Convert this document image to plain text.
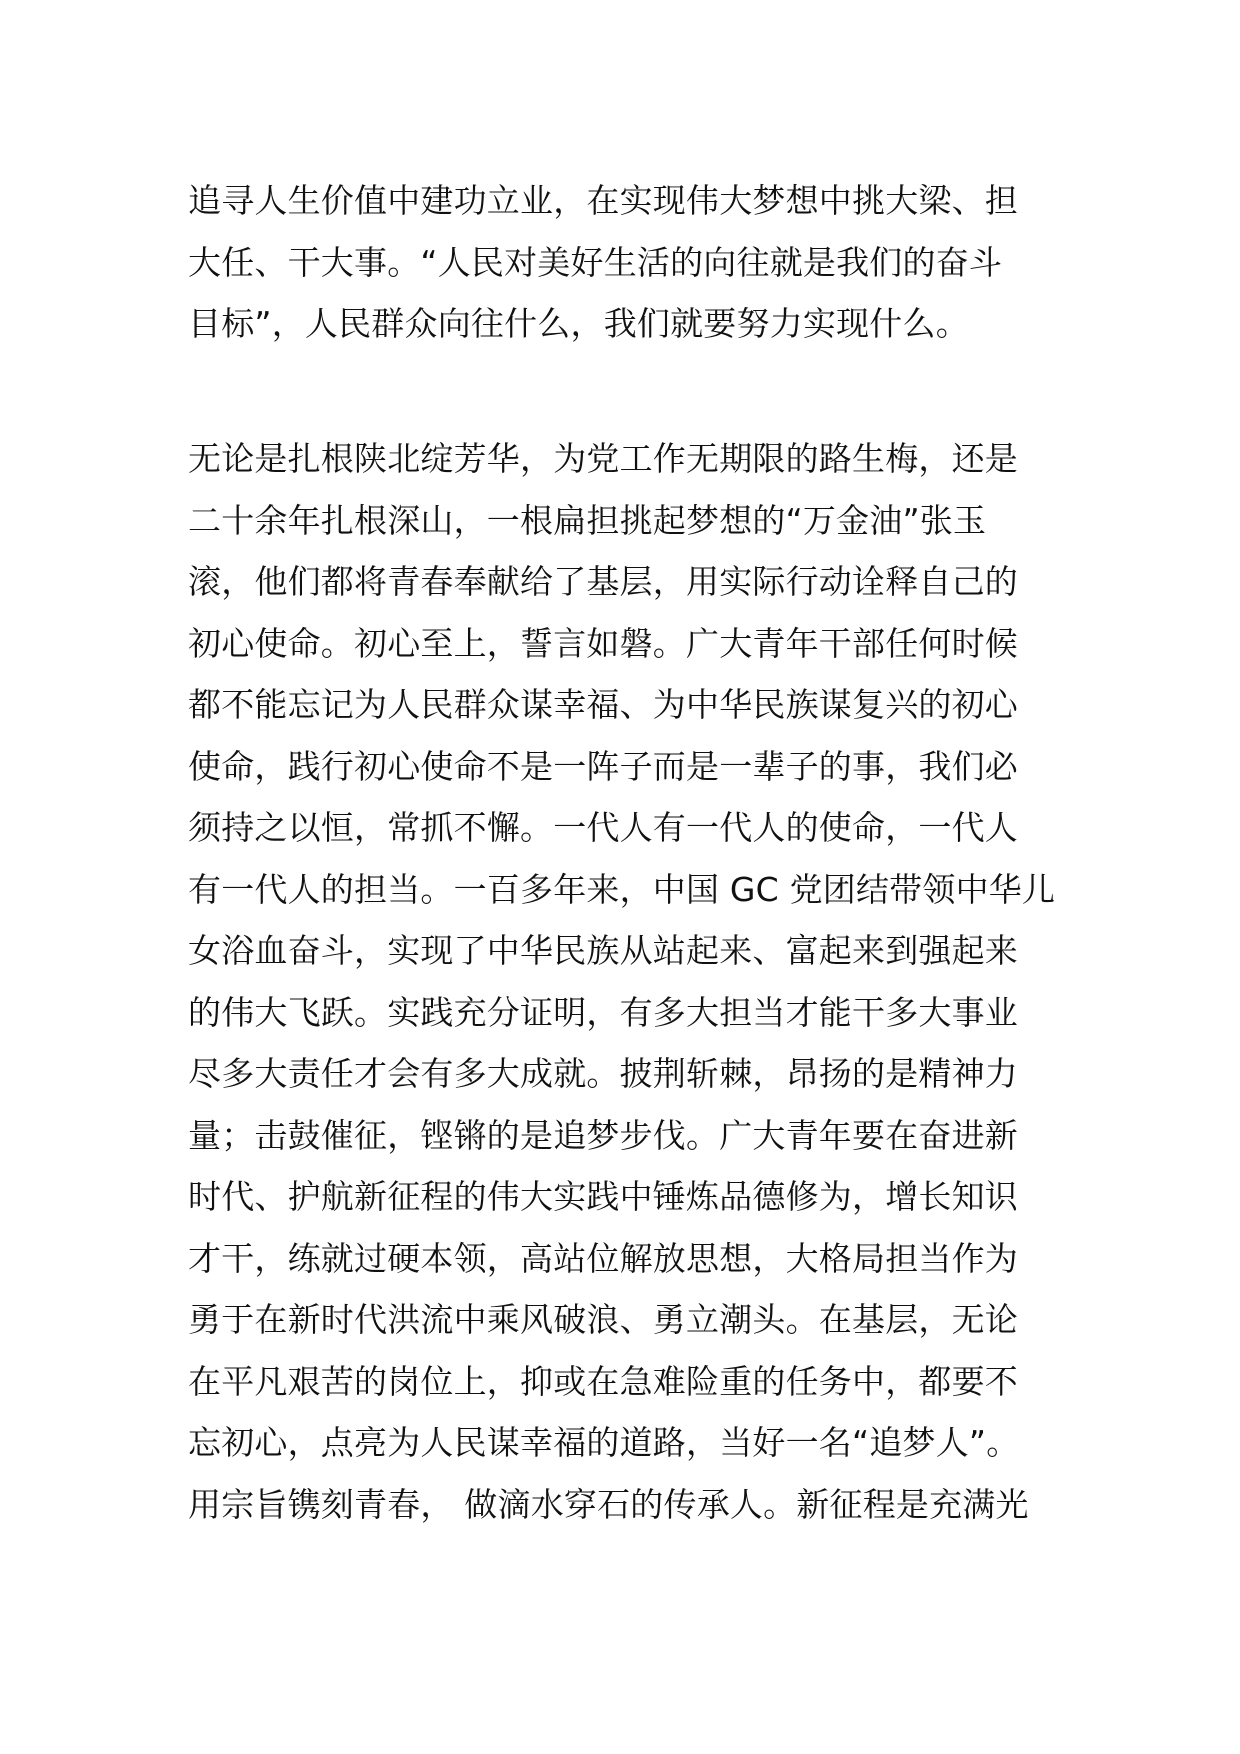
追寻人生价值中建功立业，在实现伟大梦想中挑大梁、担
大任、干大事。“人民对美好生活的向往就是我们的奋斗
目标”，人民群众向往什么，我们就要努力实现什么。
无论是扎根陕北绽芳华，为党工作无期限的路生梅，还是
二十余年扎根深山，一根扁担挑起梦想的“万金油”张玉
滚，他们都将青春奉献给了基层，用实际行动诠释自己的
初心使命。初心至上，誓言如磐。广大青年干部任何时候
都不能忘记为人民群众谋幸福、为中华民族谋复兴的初心
使命，践行初心使命不是一阵子而是一辈子的事，我们必
须持之以恒，常抓不懈。一代人有一代人的使命，一代人
有一代人的担当。一百多年来，中国 GC 党团结带领中华儿
女浴血奋斗，实现了中华民族从站起来、富起来到强起来
的伟大飞跃。实践充分证明，有多大担当才能干多大事业
尽多大责任才会有多大成就。披荆斩棘，昂扬的是精神力
量；击鼓催征，铿锵的是追梦步伐。广大青年要在奋进新
时代、护航新征程的伟大实践中锤炼品德修为，增长知识
才干，练就过硬本领，高站位解放思想，大格局担当作为
勇于在新时代洪流中乘风破浪、勇立潮头。在基层，无论
在平凡艰苦的岗位上，抑或在急难险重的任务中，都要不
忘初心，点亮为人民谋幸福的道路，当好一名“追梦人”。
用宗旨镌刻青春， 做滴水穿石的传承人。新征程是充满光
